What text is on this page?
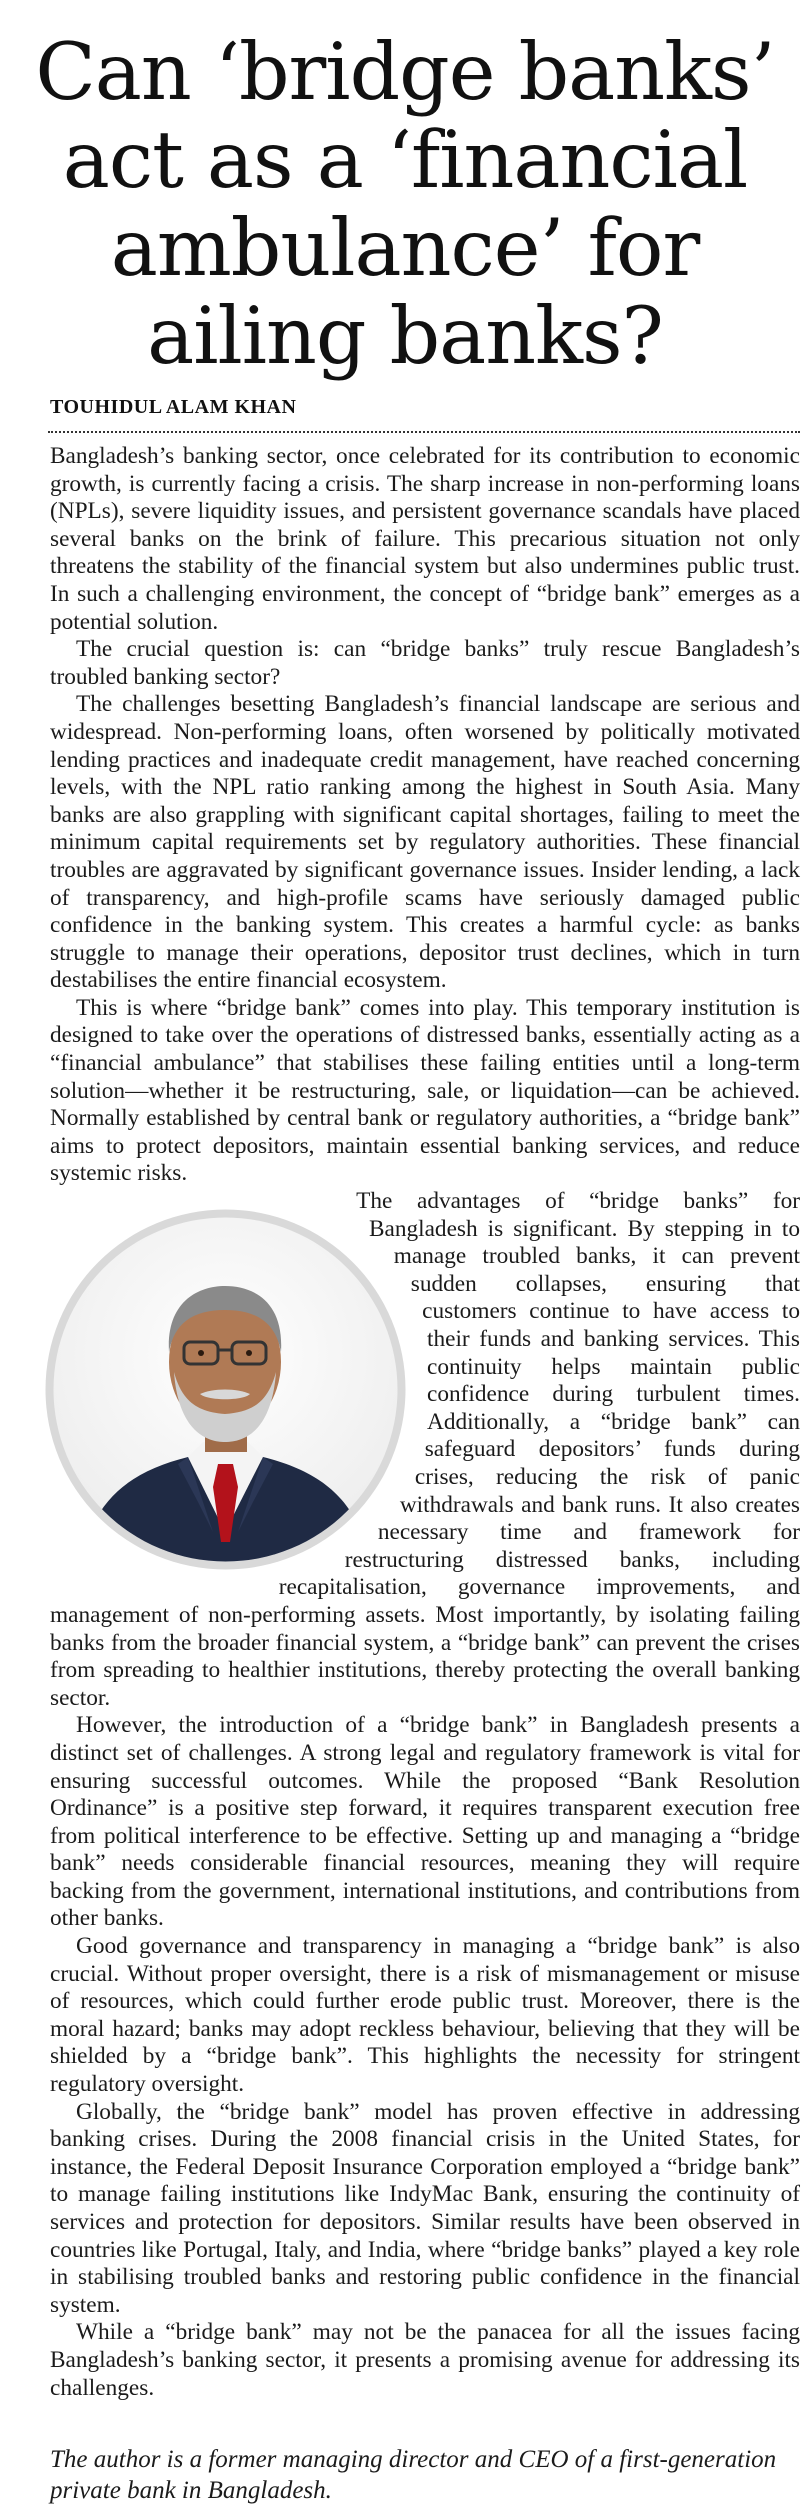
Can ‘bridge banks’
act as a ‘financial
ambulance’ for
ailing banks?
TOUHIDUL ALAM KHAN

Bangladesh’s banking sector, once celebrated for its contribution to economic growth, is currently facing a crisis. The sharp increase in non-performing loans (NPLs), severe liquidity issues, and persistent governance scandals have placed several banks on the brink of failure. This precarious situation not only threatens the stability of the financial system but also undermines public trust. In such a challenging environment, the concept of “bridge bank” emerges as a potential solution.

The crucial question is: can “bridge banks” truly rescue Bangladesh’s troubled banking sector?

The challenges besetting Bangladesh’s financial landscape are serious and widespread. Non-performing loans, often worsened by politically motivated lending practices and inadequate credit management, have reached concerning levels, with the NPL ratio ranking among the highest in South Asia. Many banks are also grappling with significant capital shortages, failing to meet the minimum capital requirements set by regulatory authorities. These financial troubles are aggravated by significant governance issues. Insider lending, a lack of transparency, and high-profile scams have seriously damaged public confidence in the banking system. This creates a harmful cycle: as banks struggle to manage their operations, depositor trust declines, which in turn destabilises the entire financial ecosystem.

This is where “bridge bank” comes into play. This temporary institution is designed to take over the operations of distressed banks, essentially acting as a “financial ambulance” that stabilises these failing entities until a long-term solution—whether it be restructuring, sale, or liquidation—can be achieved. Normally established by central bank or regulatory authorities, a “bridge bank” aims to protect depositors, maintain essential banking services, and reduce systemic risks.

The advantages of “bridge banks” for Bangladesh is significant. By stepping in to manage troubled banks, it can prevent sudden collapses, ensuring that customers continue to have access to their funds and banking services. This continuity helps maintain public confidence during turbulent times. Additionally, a “bridge bank” can safeguard depositors’ funds during crises, reducing the risk of panic withdrawals and bank runs. It also creates necessary time and framework for restructuring distressed banks, including recapitalisation, governance improvements, and management of non-performing assets. Most importantly, by isolating failing banks from the broader financial system, a “bridge bank” can prevent the crises from spreading to healthier institutions, thereby protecting the overall banking sector.

However, the introduction of a “bridge bank” in Bangladesh presents a distinct set of challenges. A strong legal and regulatory framework is vital for ensuring successful outcomes. While the proposed “Bank Resolution Ordinance” is a positive step forward, it requires transparent execution free from political interference to be effective. Setting up and managing a “bridge bank” needs considerable financial resources, meaning they will require backing from the government, international institutions, and contributions from other banks.

Good governance and transparency in managing a “bridge bank” is also crucial. Without proper oversight, there is a risk of mismanagement or misuse of resources, which could further erode public trust. Moreover, there is the moral hazard; banks may adopt reckless behaviour, believing that they will be shielded by a “bridge bank”. This highlights the necessity for stringent regulatory oversight.

Globally, the “bridge bank” model has proven effective in addressing banking crises. During the 2008 financial crisis in the United States, for instance, the Federal Deposit Insurance Corporation employed a “bridge bank” to manage failing institutions like IndyMac Bank, ensuring the continuity of services and protection for depositors. Similar results have been observed in countries like Portugal, Italy, and India, where “bridge banks” played a key role in stabilising troubled banks and restoring public confidence in the financial system.

While a “bridge bank” may not be the panacea for all the issues facing Bangladesh’s banking sector, it presents a promising avenue for addressing its challenges.

The author is a former managing director and CEO of a first-generation private bank in Bangladesh.
